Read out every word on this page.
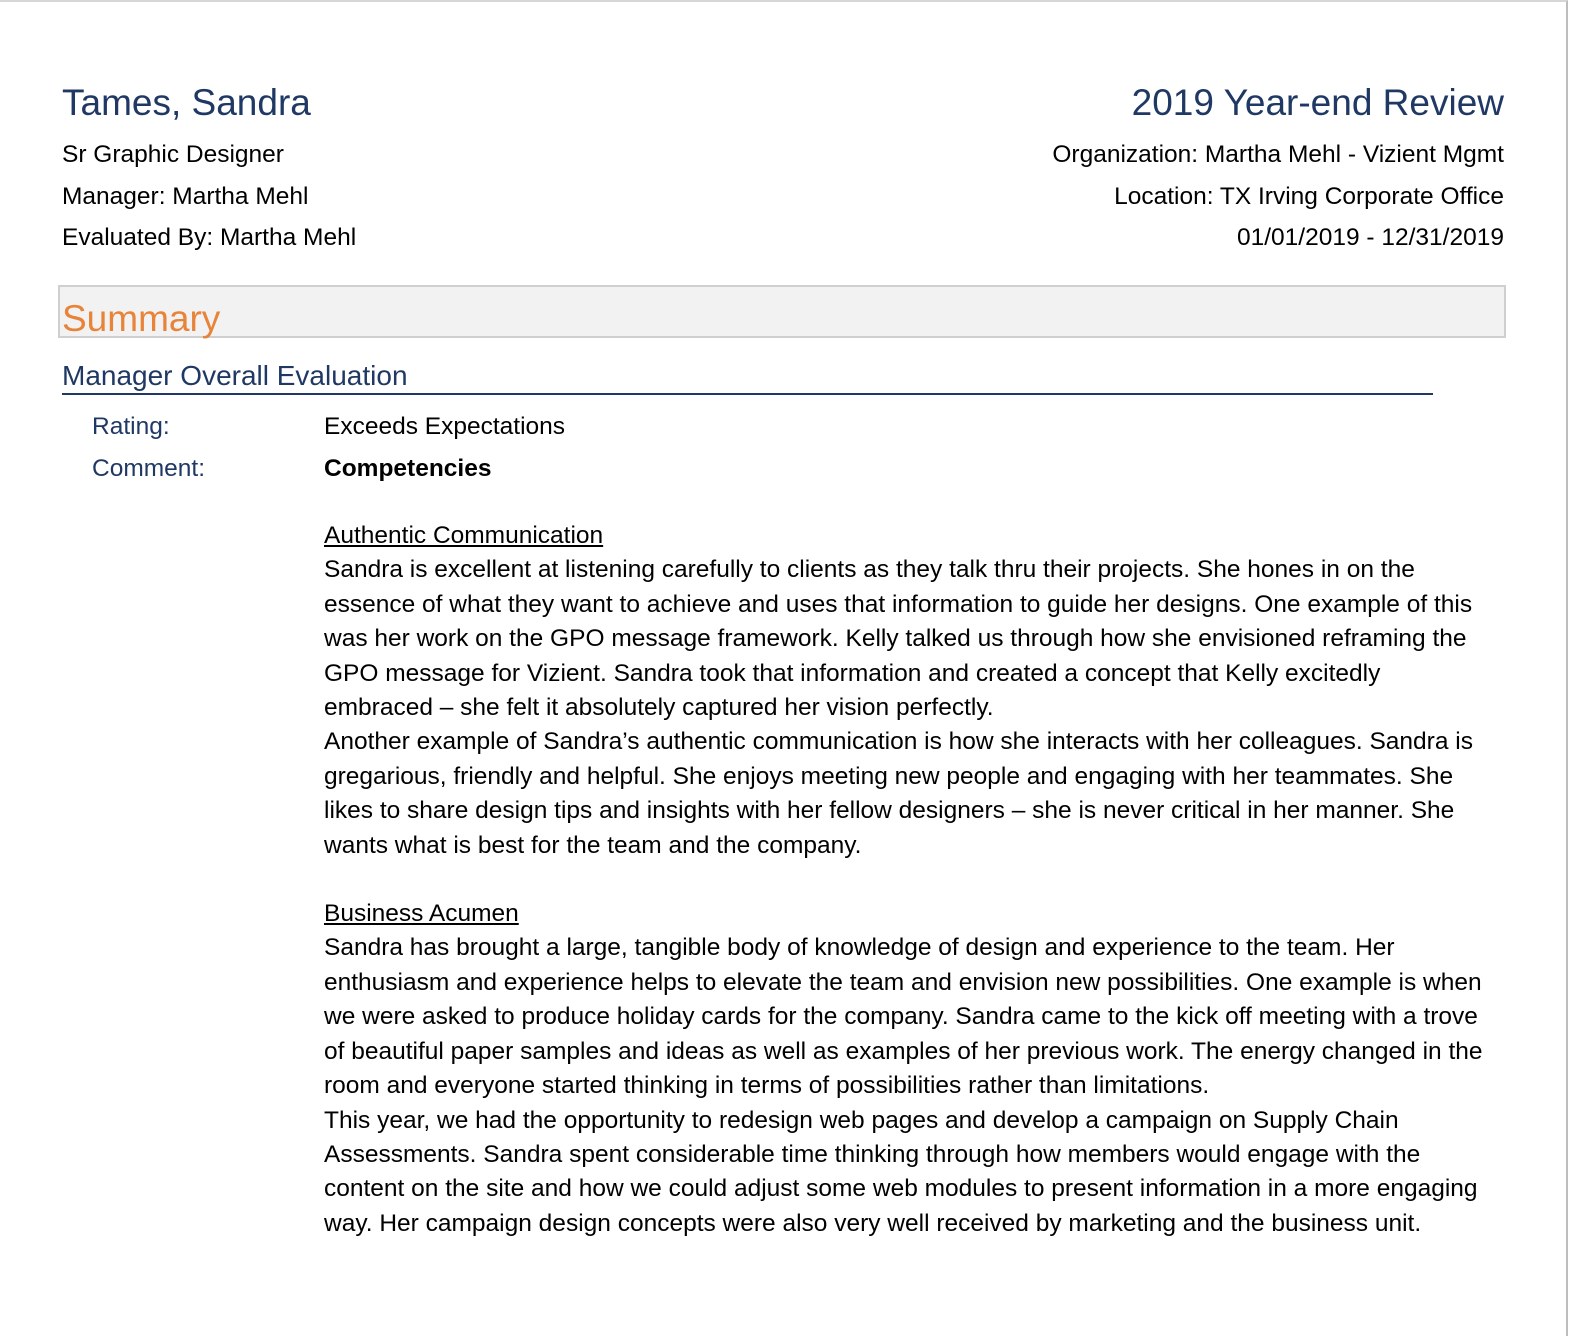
Tames, Sandra
Sr Graphic Designer
Manager: Martha Mehl
Evaluated By: Martha Mehl
2019 Year-end Review
Organization: Martha Mehl - Vizient Mgmt
Location: TX Irving Corporate Office
01/01/2019 - 12/31/2019
Summary
Manager Overall Evaluation
Rating:	Exceeds Expectations
Comment:	Competencies
Authentic Communication

Sandra is excellent at listening carefully to clients as they talk thru their projects. She hones in on the essence of what they want to achieve and uses that information to guide her designs. One example of this was her work on the GPO message framework. Kelly talked us through how she envisioned reframing the GPO message for Vizient. Sandra took that information and created a concept that Kelly excitedly embraced – she felt it absolutely captured her vision perfectly.

Another example of Sandra’s authentic communication is how she interacts with her colleagues. Sandra is gregarious, friendly and helpful. She enjoys meeting new people and engaging with her teammates. She likes to share design tips and insights with her fellow designers – she is never critical in her manner. She wants what is best for the team and the company.

Business Acumen

Sandra has brought a large, tangible body of knowledge of design and experience to the team. Her enthusiasm and experience helps to elevate the team and envision new possibilities. One example is when we were asked to produce holiday cards for the company. Sandra came to the kick off meeting with a trove of beautiful paper samples and ideas as well as examples of her previous work. The energy changed in the room and everyone started thinking in terms of possibilities rather than limitations.

This year, we had the opportunity to redesign web pages and develop a campaign on Supply Chain Assessments. Sandra spent considerable time thinking through how members would engage with the content on the site and how we could adjust some web modules to present information in a more engaging way. Her campaign design concepts were also very well received by marketing and the business unit.
